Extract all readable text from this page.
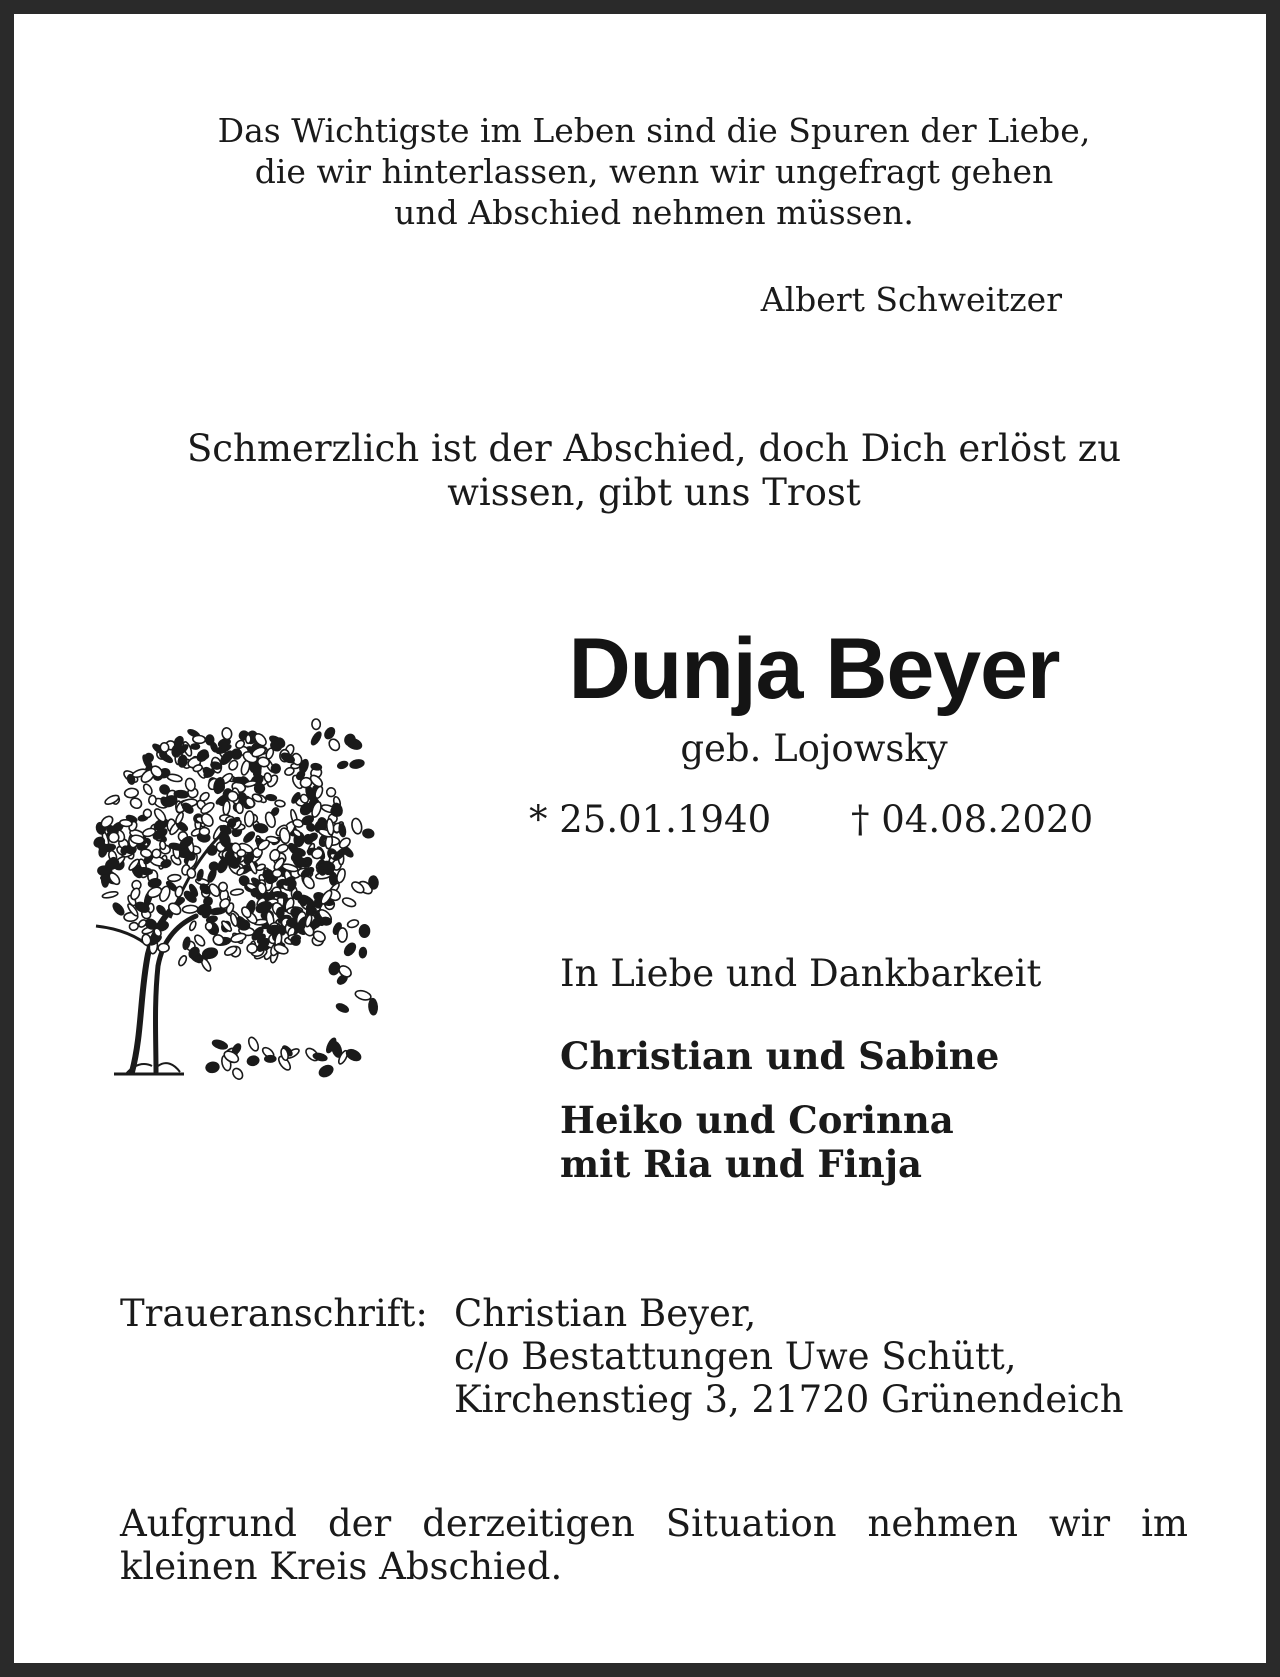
Das Wichtigste im Leben sind die Spuren der Liebe,
die wir hinterlassen, wenn wir ungefragt gehen
und Abschied nehmen müssen.
Albert Schweitzer
Schmerzlich ist der Abschied, doch Dich erlöst zu
wissen, gibt uns Trost
Dunja Beyer
geb. Lojowsky
* 25.01.1940 † 04.08.2020
In Liebe und Dankbarkeit
Christian und Sabine
Heiko und Corinna
mit Ria und Finja
Traueranschrift: Christian Beyer,
c/o Bestattungen Uwe Schütt,
Kirchenstieg 3, 21720 Grünendeich
Aufgrund der derzeitigen Situation nehmen wir im kleinen Kreis Abschied.
